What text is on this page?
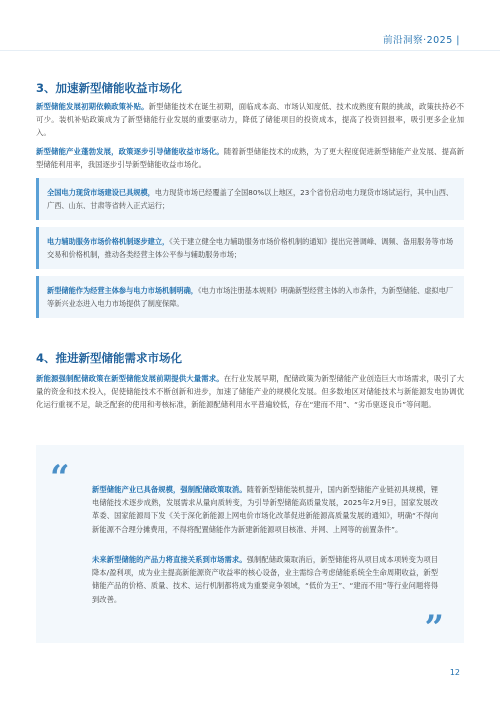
前沿洞察·2025 |
3、加速新型储能收益市场化
新型储能发展初期依赖政策补贴。新型储能技术在诞生初期，面临成本高、市场认知度低、技术成熟度有限的挑战，政策扶持必不可少。装机补贴政策成为了新型储能行业发展的重要驱动力，降低了储能项目的投资成本，提高了投资回报率，吸引更多企业加入。
新型储能产业蓬勃发展，政策逐步引导储能收益市场化。随着新型储能技术的成熟，为了更大程度促进新型储能产业发展、提高新型储能利用率，我国逐步引导新型储能收益市场化。
全国电力现货市场建设已具规模，电力现货市场已经覆盖了全国80%以上地区，23个省份启动电力现货市场试运行，其中山西、广西、山东、甘肃等省转入正式运行；
电力辅助服务市场价格机制逐步建立，《关于建立健全电力辅助服务市场价格机制的通知》提出完善调峰、调频、备用服务等市场交易和价格机制，推动各类经营主体公平参与辅助服务市场；
新型储能作为经营主体参与电力市场机制明确，《电力市场注册基本规则》明确新型经营主体的入市条件，为新型储能、虚拟电厂等新兴业态进入电力市场提供了制度保障。
4、推进新型储能需求市场化
新能源强制配储政策在新型储能发展前期提供大量需求。在行业发展早期，配储政策为新型储能产业创造巨大市场需求，吸引了大量的资金和技术投入，促使储能技术不断创新和进步，加速了储能产业的规模化发展。但多数地区对储能技术与新能源发电协调优化运行重视不足，缺乏配套的使用和考核标准，新能源配储利用水平普遍较低，存在“建而不用”、“劣币驱逐良币”等问题。
“	新型储能产业已具备规模，强制配储政策取消。随着新型储能装机提升，国内新型储能产业链初具规模，锂电储能技术逐步成熟，发展需求从量向质转变，为引导新型储能高质量发展，2025年2月9日，国家发展改革委、国家能源局下发《关于深化新能源上网电价市场化改革促进新能源高质量发展的通知》，明确“不得向新能源不合理分摊费用，不得将配置储能作为新建新能源项目核准、并网、上网等的前置条件”。
未来新型储能的产品力将直接关系到市场需求。强制配储政策取消后，新型储能将从项目成本项转变为项目降本/盈利项，成为业主提高新能源资产收益率的核心设备，业主需综合考虑储能系统全生命周期收益，新型储能产品的价格、质量、技术、运行机制都将成为重要竞争领域，“低价为王”、“建而不用”等行业问题将得到改善。
”
12
